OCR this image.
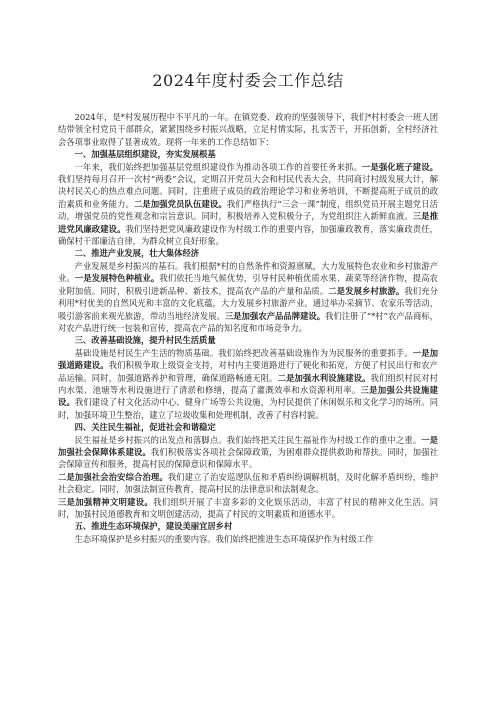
2024年度村委会工作总结

2024年，是*村发展历程中不平凡的一年。在镇党委、政府的坚强领导下，我们*村村委会一班人团结带领全村党员干部群众，紧紧围绕乡村振兴战略，立足村情实际，扎实苦干，开拓创新，全村经济社会各项事业取得了显著成效。现将一年来的工作总结如下：

一、加强基层组织建设，夯实发展根基

一年来，我们始终把加强基层党组织建设作为推动各项工作的首要任务来抓。一是强化班子建设。我们坚持每月召开一次村“两委”会议，定期召开党员大会和村民代表大会，共同商讨村级发展大计，解决村民关心的热点难点问题。同时，注重班子成员的政治理论学习和业务培训，不断提高班子成员的政治素质和业务能力。二是加强党员队伍建设。我们严格执行“三会一课”制度，组织党员开展主题党日活动，增强党员的党性观念和宗旨意识。同时，积极培养入党积极分子，为党组织注入新鲜血液。三是推进党风廉政建设。我们坚持把党风廉政建设作为村级工作的重要内容，加强廉政教育，落实廉政责任，确保村干部廉洁自律，为群众树立良好形象。

二、推进产业发展，壮大集体经济

产业发展是乡村振兴的基石。我们根据*村的自然条件和资源禀赋，大力发展特色农业和乡村旅游产业。一是发展特色种植业。我们依托当地气候优势，引导村民种植优质水果、蔬菜等经济作物，提高农业附加值。同时，积极引进新品种、新技术，提高农产品的产量和品质。二是发展乡村旅游。我们充分利用*村优美的自然风光和丰富的文化底蕴，大力发展乡村旅游产业。通过举办采摘节、农家乐等活动，吸引游客前来观光旅游，带动当地经济发展。三是加强农产品品牌建设。我们注册了“*村”农产品商标，对农产品进行统一包装和宣传，提高农产品的知名度和市场竞争力。

三、改善基础设施，提升村民生活质量

基础设施是村民生产生活的物质基础。我们始终把改善基础设施作为为民服务的重要抓手。一是加强道路建设。我们积极争取上级资金支持，对村内主要道路进行了硬化和拓宽，方便了村民出行和农产品运输。同时，加强道路养护和管理，确保道路畅通无阻。二是加强水利设施建设。我们组织村民对村内水渠、池塘等水利设施进行了清淤和修缮，提高了灌溉效率和水资源利用率。三是加强公共设施建设。我们建设了村文化活动中心、健身广场等公共设施，为村民提供了休闲娱乐和文化学习的场所。同时，加强环境卫生整治，建立了垃圾收集和处理机制，改善了村容村貌。

四、关注民生福祉，促进社会和谐稳定

民生福祉是乡村振兴的出发点和落脚点。我们始终把关注民生福祉作为村级工作的重中之重。一是加强社会保障体系建设。我们积极落实各项社会保障政策，为困难群众提供救助和帮扶。同时，加强社会保障宣传和服务，提高村民的保障意识和保障水平。

二是加强社会治安综合治理。我们建立了治安巡逻队伍和矛盾纠纷调解机制，及时化解矛盾纠纷，维护社会稳定。同时，加强法制宣传教育，提高村民的法律意识和法制观念。

三是加强精神文明建设。我们组织开展了丰富多彩的文化娱乐活动，丰富了村民的精神文化生活。同时，加强村民道德教育和文明创建活动，提高了村民的文明素质和道德水平。

五、推进生态环境保护，建设美丽宜居乡村

生态环境保护是乡村振兴的重要内容。我们始终把推进生态环境保护作为村级工作
